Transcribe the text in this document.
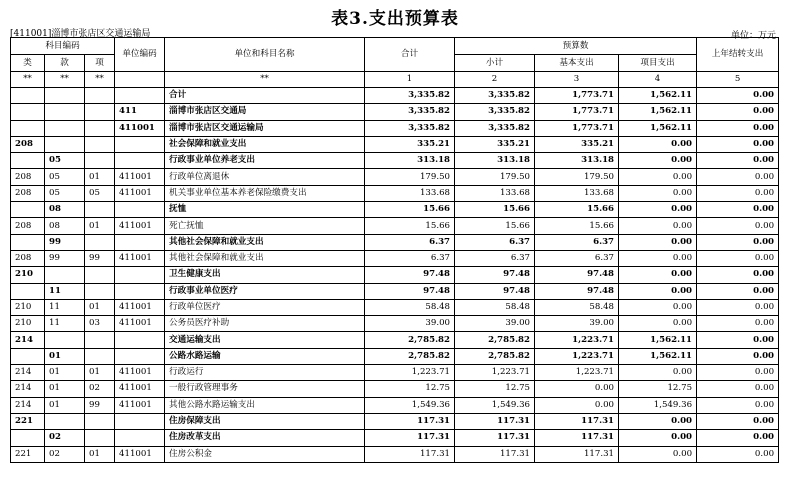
表3.支出预算表
[411001]淄博市张店区交通运输局	单位：万元
科目编码			单位编码	单位和科目名称	合计	预算数			上年结转支出
类	款	项				小计	基本支出	项目支出	

**	**	**		**	1	2	3	4	5
				合计	3,335.82	3,335.82	1,773.71	1,562.11	0.00
			411	淄博市张店区交通局	3,335.82	3,335.82	1,773.71	1,562.11	0.00
			411001	淄博市张店区交通运输局	3,335.82	3,335.82	1,773.71	1,562.11	0.00
208				社会保障和就业支出	335.21	335.21	335.21	0.00	0.00
	05			行政事业单位养老支出	313.18	313.18	313.18	0.00	0.00
208	05	01	411001	行政单位离退休	179.50	179.50	179.50	0.00	0.00
208	05	05	411001	机关事业单位基本养老保险缴费支出	133.68	133.68	133.68	0.00	0.00
	08			抚恤	15.66	15.66	15.66	0.00	0.00
208	08	01	411001	死亡抚恤	15.66	15.66	15.66	0.00	0.00
	99			其他社会保障和就业支出	6.37	6.37	6.37	0.00	0.00
208	99	99	411001	其他社会保障和就业支出	6.37	6.37	6.37	0.00	0.00
210				卫生健康支出	97.48	97.48	97.48	0.00	0.00
	11			行政事业单位医疗	97.48	97.48	97.48	0.00	0.00
210	11	01	411001	行政单位医疗	58.48	58.48	58.48	0.00	0.00
210	11	03	411001	公务员医疗补助	39.00	39.00	39.00	0.00	0.00
214				交通运输支出	2,785.82	2,785.82	1,223.71	1,562.11	0.00
	01			公路水路运输	2,785.82	2,785.82	1,223.71	1,562.11	0.00
214	01	01	411001	行政运行	1,223.71	1,223.71	1,223.71	0.00	0.00
214	01	02	411001	一般行政管理事务	12.75	12.75	0.00	12.75	0.00
214	01	99	411001	其他公路水路运输支出	1,549.36	1,549.36	0.00	1,549.36	0.00
221				住房保障支出	117.31	117.31	117.31	0.00	0.00
	02			住房改革支出	117.31	117.31	117.31	0.00	0.00
221	02	01	411001	住房公积金	117.31	117.31	117.31	0.00	0.00
